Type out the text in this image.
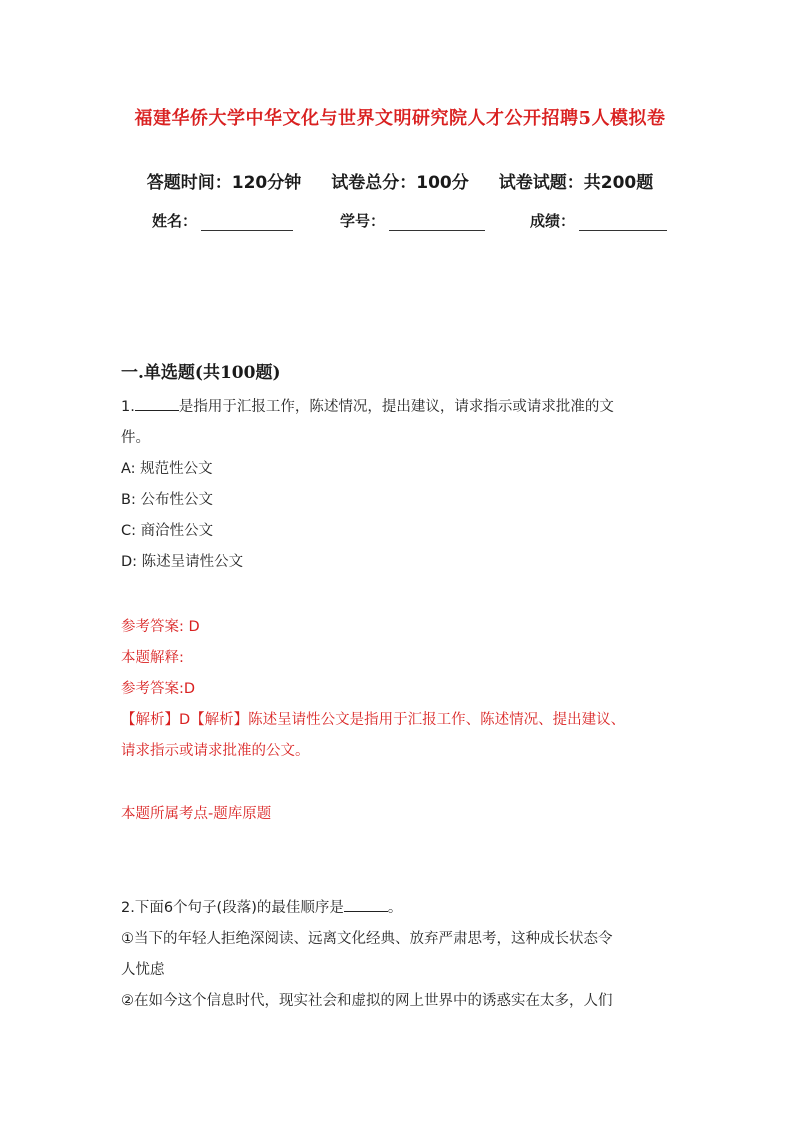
福建华侨大学中华文化与世界文明研究院人才公开招聘5人模拟卷
答题时间：120分钟 试卷总分：100分 试卷试题：共200题
姓名：	学号：	成绩：
一.单选题(共100题)
1.	是指用于汇报工作，陈述情况，提出建议，请求指示或请求批准的文
件。
A: 规范性公文
B: 公布性公文
C: 商洽性公文
D: 陈述呈请性公文
参考答案: D
本题解释:
参考答案:D
【解析】D【解析】陈述呈请性公文是指用于汇报工作、陈述情况、提出建议、
请求指示或请求批准的公文。
本题所属考点-题库原题
2.下面6个句子(段落)的最佳顺序是	。
①当下的年轻人拒绝深阅读、远离文化经典、放弃严肃思考，这种成长状态令
人忧虑
②在如今这个信息时代，现实社会和虚拟的网上世界中的诱惑实在太多，人们
